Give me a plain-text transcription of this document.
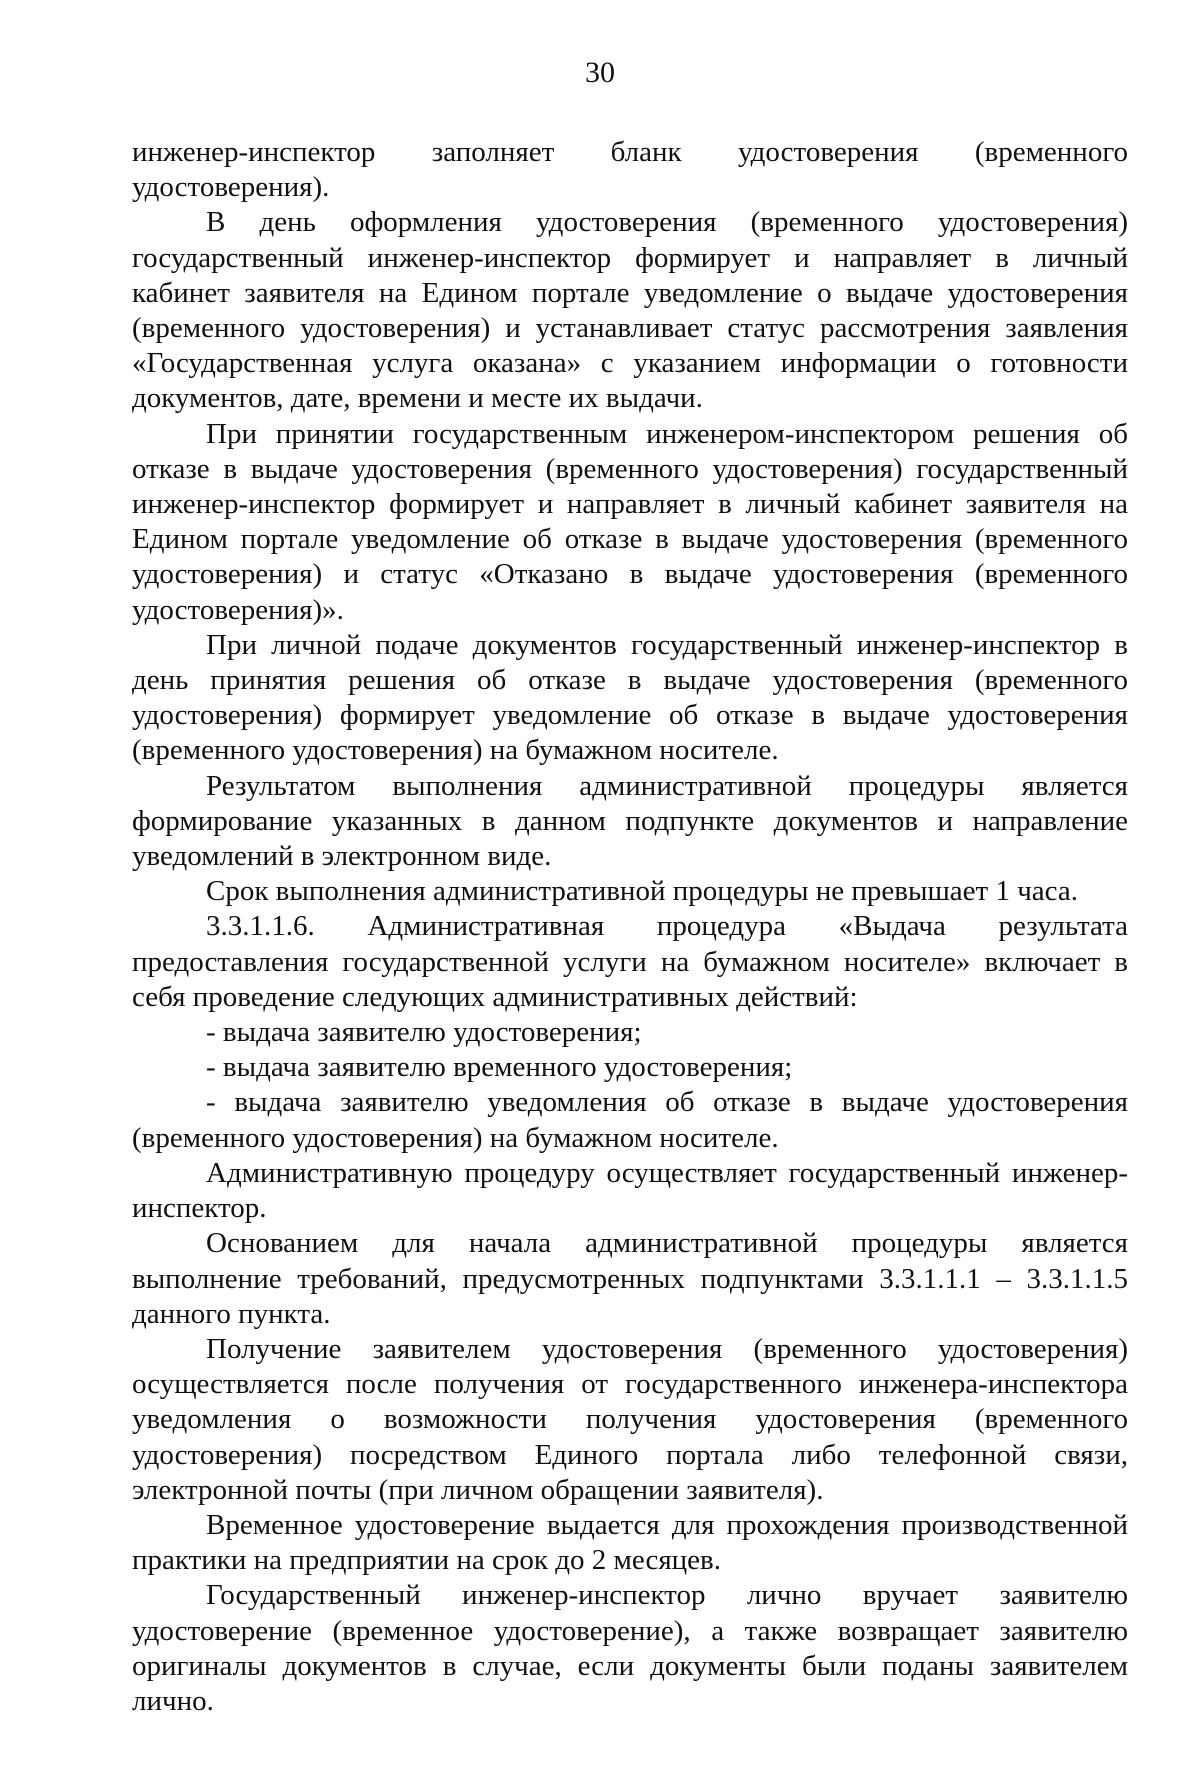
30

инженер-инспектор заполняет бланк удостоверения (временного удостоверения).

В день оформления удостоверения (временного удостоверения) государственный инженер-инспектор формирует и направляет в личный кабинет заявителя на Едином портале уведомление о выдаче удостоверения (временного удостоверения) и устанавливает статус рассмотрения заявления «Государственная услуга оказана» с указанием информации о готовности документов, дате, времени и месте их выдачи.

При принятии государственным инженером-инспектором решения об отказе в выдаче удостоверения (временного удостоверения) государственный инженер-инспектор формирует и направляет в личный кабинет заявителя на Едином портале уведомление об отказе в выдаче удостоверения (временного удостоверения) и статус «Отказано в выдаче удостоверения (временного удостоверения)».

При личной подаче документов государственный инженер-инспектор в день принятия решения об отказе в выдаче удостоверения (временного удостоверения) формирует уведомление об отказе в выдаче удостоверения (временного удостоверения) на бумажном носителе.

Результатом выполнения административной процедуры является формирование указанных в данном подпункте документов и направление уведомлений в электронном виде.

Срок выполнения административной процедуры не превышает 1 часа.

3.3.1.1.6. Административная процедура «Выдача результата предоставления государственной услуги на бумажном носителе» включает в себя проведение следующих административных действий:

- выдача заявителю удостоверения;

- выдача заявителю временного удостоверения;

- выдача заявителю уведомления об отказе в выдаче удостоверения (временного удостоверения) на бумажном носителе.

Административную процедуру осуществляет государственный инженер-инспектор.

Основанием для начала административной процедуры является выполнение требований, предусмотренных подпунктами 3.3.1.1.1 – 3.3.1.1.5 данного пункта.

Получение заявителем удостоверения (временного удостоверения) осуществляется после получения от государственного инженера-инспектора уведомления о возможности получения удостоверения (временного удостоверения) посредством Единого портала либо телефонной связи, электронной почты (при личном обращении заявителя).

Временное удостоверение выдается для прохождения производственной практики на предприятии на срок до 2 месяцев.

Государственный инженер-инспектор лично вручает заявителю удостоверение (временное удостоверение), а также возвращает заявителю оригиналы документов в случае, если документы были поданы заявителем лично.
